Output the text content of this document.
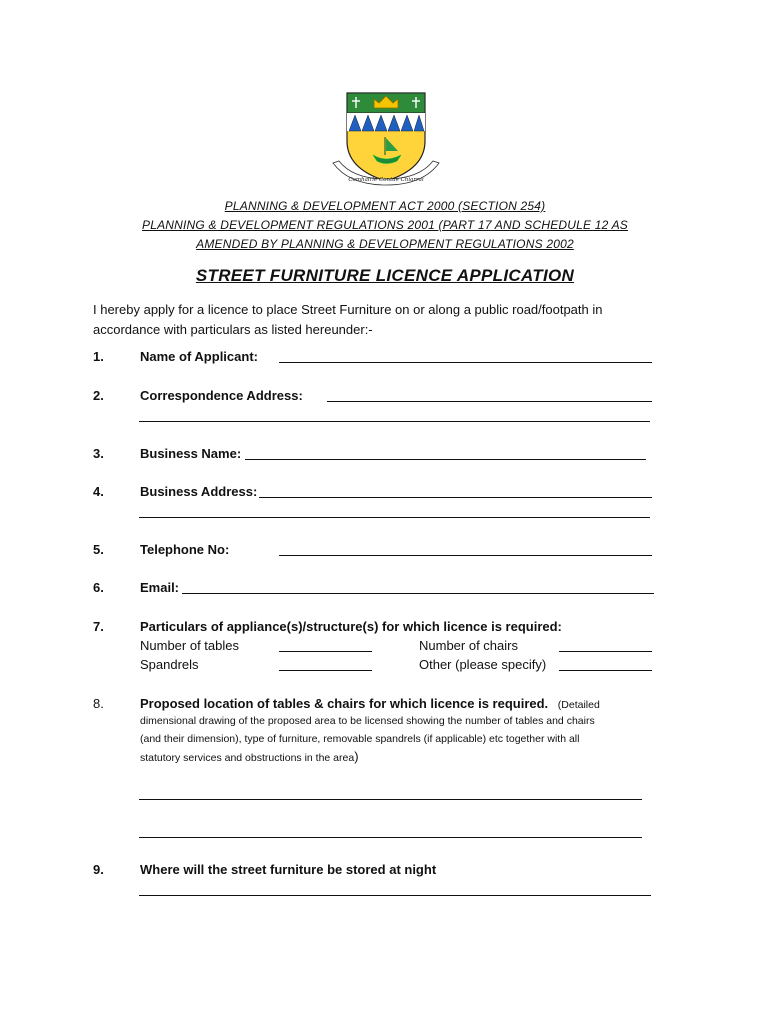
Comhairle Contae Chiarraí
PLANNING & DEVELOPMENT ACT 2000 (SECTION 254)
PLANNING & DEVELOPMENT REGULATIONS 2001 (PART 17 AND SCHEDULE 12 AS
AMENDED BY PLANNING & DEVELOPMENT REGULATIONS 2002
STREET FURNITURE LICENCE APPLICATION
I hereby apply for a licence to place Street Furniture on or along a public road/footpath in
accordance with particulars as listed hereunder:-
1.	Name of Applicant:
2.	Correspondence Address:
3.	Business Name:
4.	Business Address:
5.	Telephone No:
6.	Email:
7.	Particulars of appliance(s)/structure(s) for which licence is required:
Number of tables	Number of chairs
Spandrels	Other (please specify)
8.	Proposed location of tables & chairs for which licence is required. (Detailed
dimensional drawing of the proposed area to be licensed showing the number of tables and chairs
(and their dimension), type of furniture, removable spandrels (if applicable) etc together with all
statutory services and obstructions in the area)
9.	Where will the street furniture be stored at night
